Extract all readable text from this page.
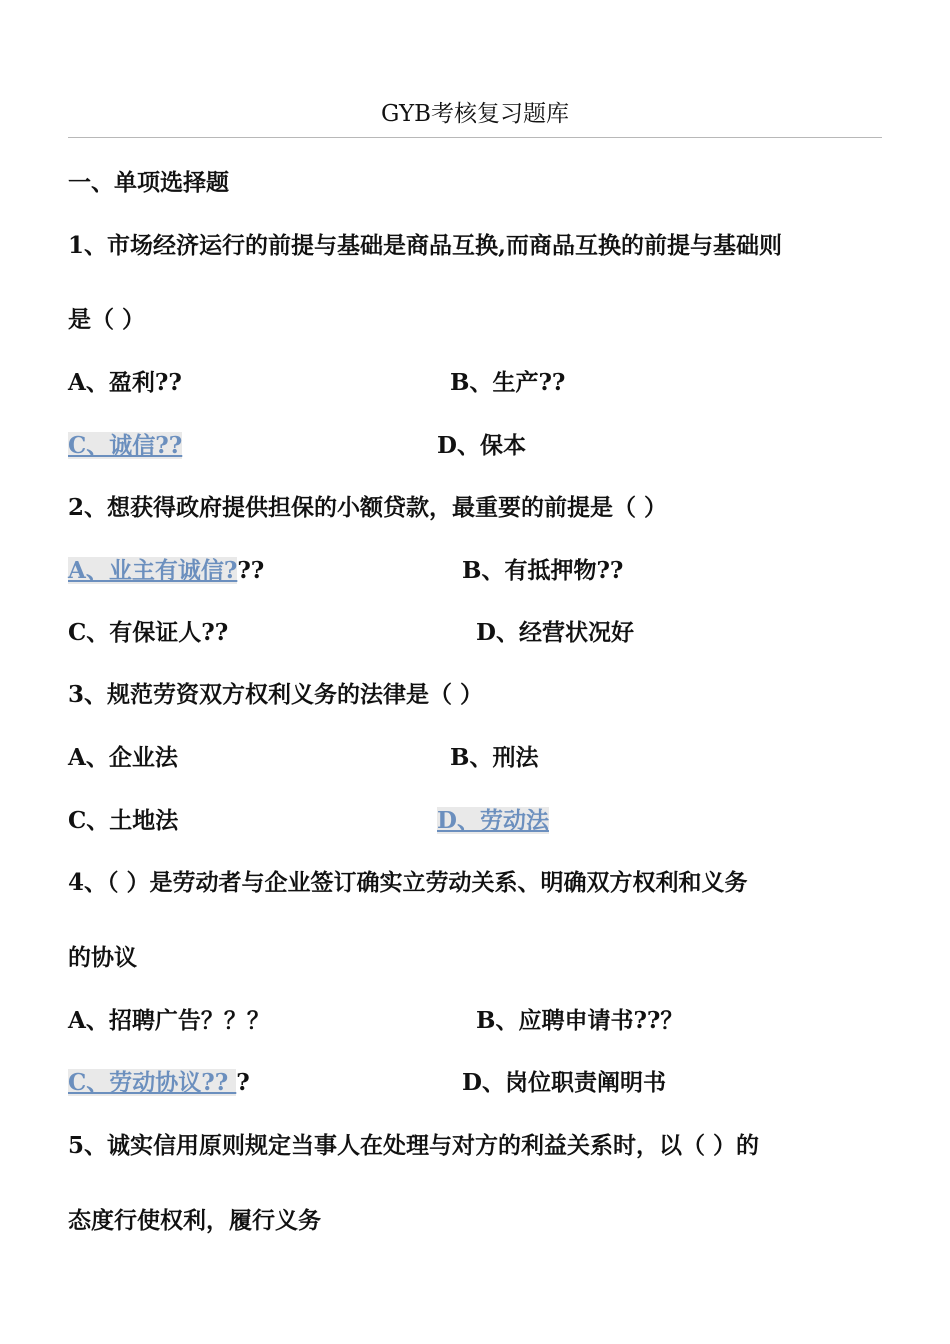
GYB考核复习题库
一、单项选择题
1、市场经济运行的前提与基础是商品互换,而商品互换的前提与基础则
是（ ）
A、盈利??	B、生产??
C、诚信??	D、保本
2、想获得政府提供担保的小额贷款，最重要的前提是（ ）
A、业主有诚信???	B、有抵押物??
C、有保证人??	D、经营状况好
3、规范劳资双方权利义务的法律是（ ）
A、企业法	B、刑法
C、土地法	D、劳动法
4、（ ）是劳动者与企业签订确实立劳动关系、明确双方权利和义务
的协议
A、招聘广告？？？	B、应聘申请书??？
C、劳动协议?? ?	D、岗位职责阐明书
5、诚实信用原则规定当事人在处理与对方的利益关系时，以（ ）的
态度行使权利，履行义务
